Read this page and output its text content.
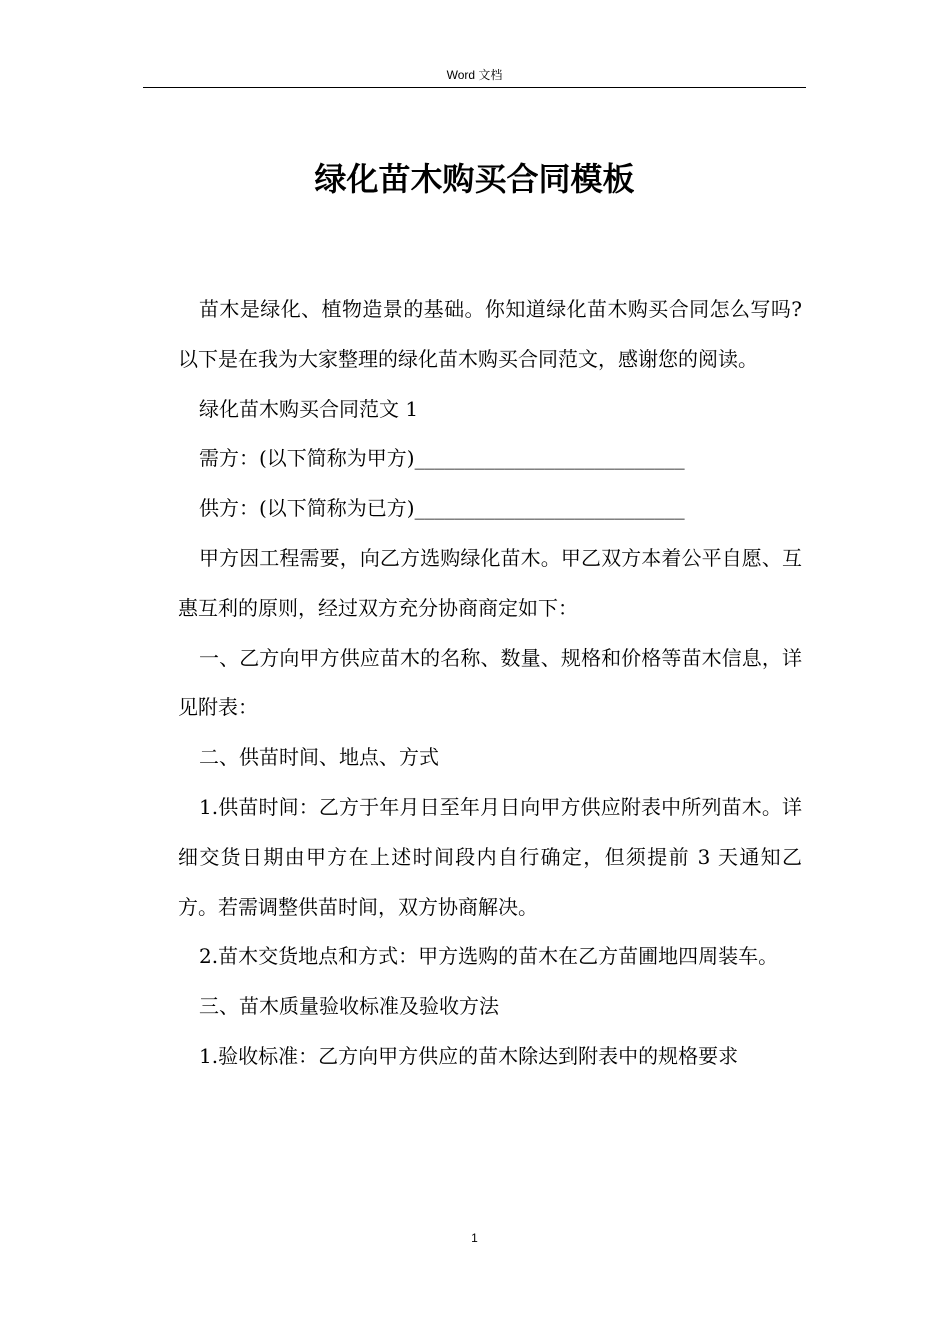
Word 文档
绿化苗木购买合同模板

苗木是绿化、植物造景的基础。你知道绿化苗木购买合同怎么写吗?以下是在我为大家整理的绿化苗木购买合同范文，感谢您的阅读。

绿化苗木购买合同范文 1

需方：(以下简称为甲方)___________________________

供方：(以下简称为已方)___________________________

甲方因工程需要，向乙方选购绿化苗木。甲乙双方本着公平自愿、互惠互利的原则，经过双方充分协商商定如下：

一、乙方向甲方供应苗木的名称、数量、规格和价格等苗木信息，详见附表：

二、供苗时间、地点、方式

1.供苗时间：乙方于年月日至年月日向甲方供应附表中所列苗木。详细交货日期由甲方在上述时间段内自行确定，但须提前 3 天通知乙方。若需调整供苗时间，双方协商解决。

2.苗木交货地点和方式：甲方选购的苗木在乙方苗圃地四周装车。

三、苗木质量验收标准及验收方法

1.验收标准：乙方向甲方供应的苗木除达到附表中的规格要求

1
